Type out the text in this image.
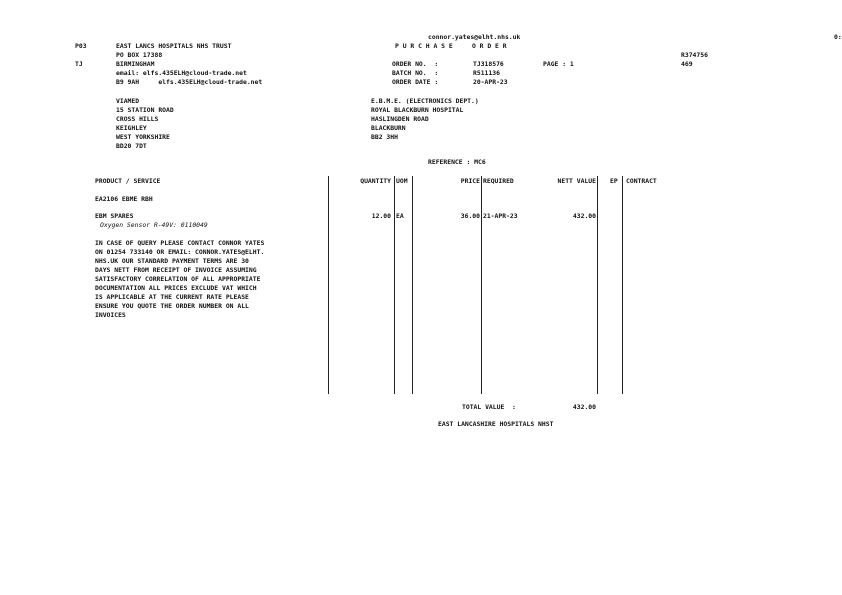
connor.yates@elht.nhs.uk	0:
P03
TJ
EAST LANCS HOSPITALS NHS TRUST
PO BOX 17388
BIRMINGHAM
email: elfs.435ELH@cloud-trade.net
B9 9AH     elfs.435ELH@cloud-trade.net
P U R C H A S E     O R D E R
R374756
469
ORDER NO.  :	TJ318576	PAGE : 1
BATCH NO.  :	R511136
ORDER DATE :	20-APR-23
VIAMED
15 STATION ROAD
CROSS HILLS
KEIGHLEY
WEST YORKSHIRE
BD20 7DT
E.B.M.E. (ELECTRONICS DEPT.)
ROYAL BLACKBURN HOSPITAL
HASLINGDEN ROAD
BLACKBURN
BB2 3HH
REFERENCE : MC6
PRODUCT / SERVICE	QUANTITY UOM	PRICE REQUIRED	NETT VALUE EP CONTRACT
EA2106 EBME RBH
EBM SPARES
Oxygen Sensor R-49V: 0110049
12.00 EA	36.00 21-APR-23	432.00
IN CASE OF QUERY PLEASE CONTACT CONNOR YATES
ON 01254 733140 OR EMAIL: CONNOR.YATES@ELHT.
NHS.UK OUR STANDARD PAYMENT TERMS ARE 30
DAYS NETT FROM RECEIPT OF INVOICE ASSUMING
SATISFACTORY CORRELATION OF ALL APPROPRIATE
DOCUMENTATION ALL PRICES EXCLUDE VAT WHICH
IS APPLICABLE AT THE CURRENT RATE PLEASE
ENSURE YOU QUOTE THE ORDER NUMBER ON ALL
INVOICES
TOTAL VALUE  :	432.00
EAST LANCASHIRE HOSPITALS NHST
